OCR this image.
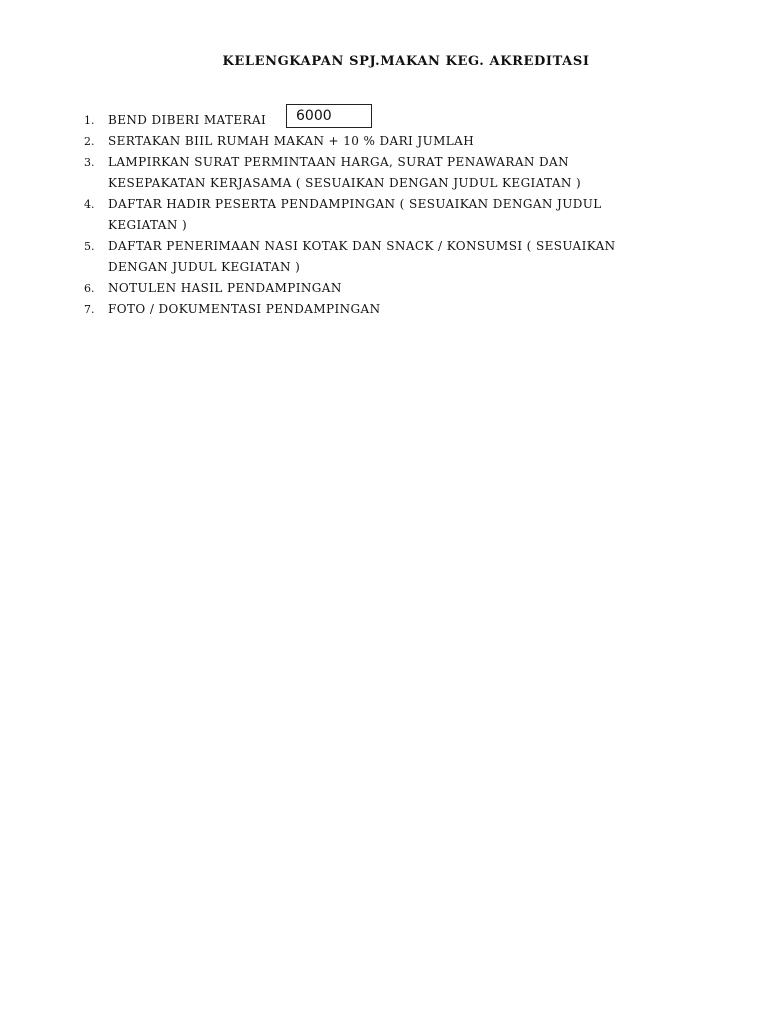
KELENGKAPAN SPJ.MAKAN KEG. AKREDITASI
1.	BEND DIBERI MATERAI
2.	SERTAKAN BIIL RUMAH MAKAN + 10 % DARI JUMLAH
3.	LAMPIRKAN SURAT PERMINTAAN HARGA, SURAT PENAWARAN DAN KESEPAKATAN KERJASAMA ( SESUAIKAN DENGAN JUDUL KEGIATAN )
4.	DAFTAR HADIR PESERTA PENDAMPINGAN ( SESUAIKAN DENGAN JUDUL KEGIATAN )
5.	DAFTAR PENERIMAAN NASI KOTAK DAN SNACK / KONSUMSI ( SESUAIKAN DENGAN JUDUL KEGIATAN )
6.	NOTULEN HASIL PENDAMPINGAN
7.	FOTO / DOKUMENTASI PENDAMPINGAN
6000
